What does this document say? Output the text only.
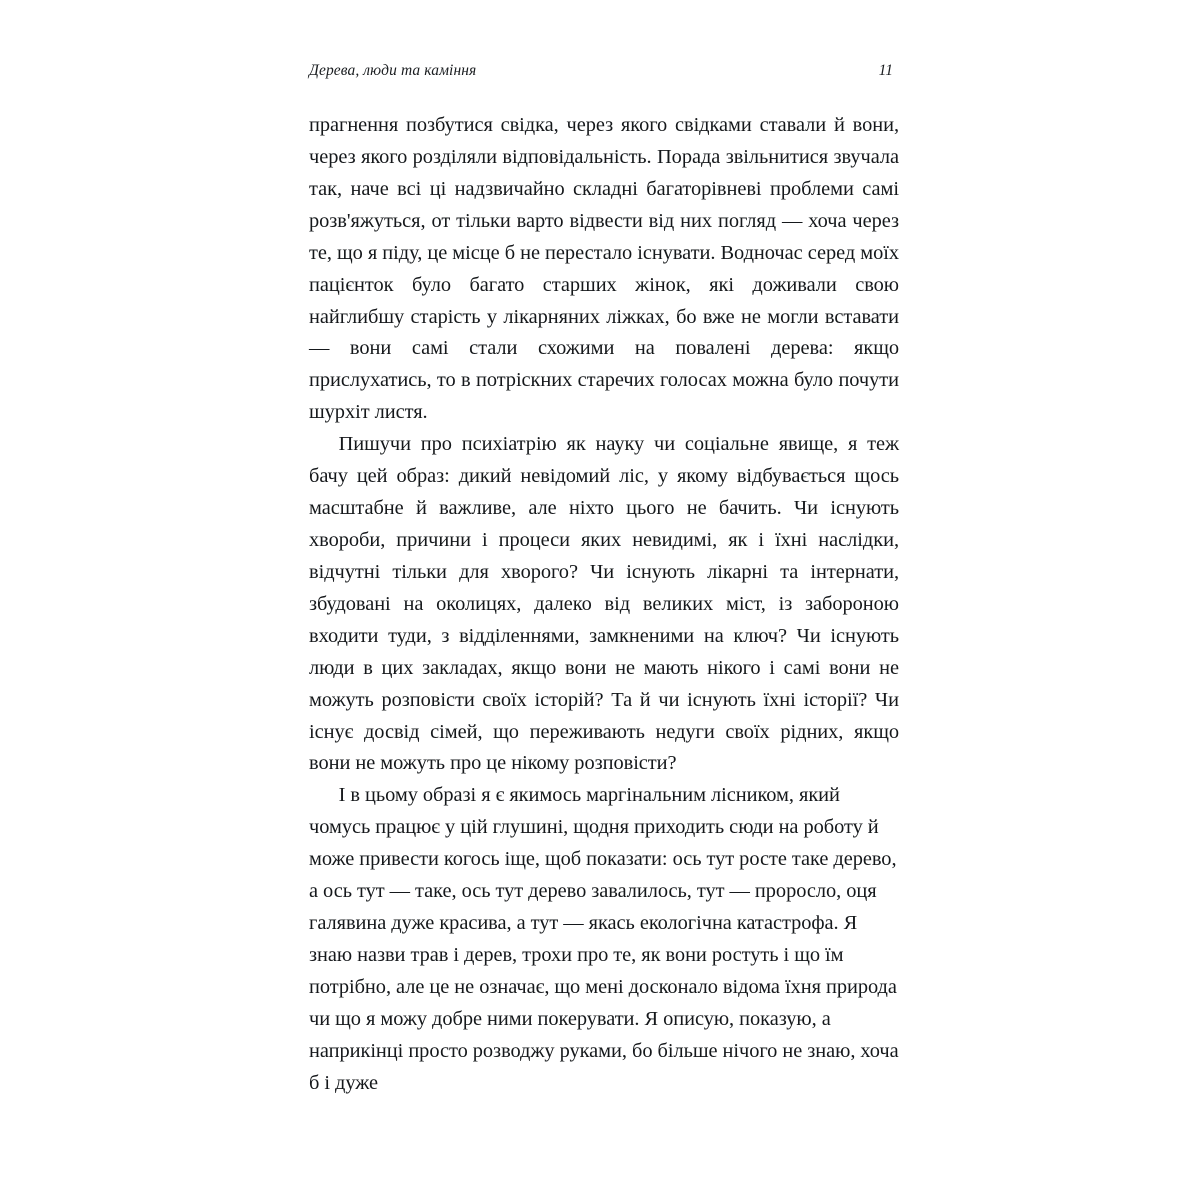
Дерева, люди та каміння	11

прагнення позбутися свідка, через якого свідками ставали й вони, через якого розділяли відповідальність. Порада звільнитися звучала так, наче всі ці надзвичайно складні багаторівневі проблеми самі розв'яжуться, от тільки варто відвести від них погляд — хоча через те, що я піду, це місце б не перестало існувати. Водночас серед моїх пацієнток було багато старших жінок, які доживали свою найглибшу старість у лікарняних ліжках, бо вже не могли вставати — вони самі стали схожими на повалені дерева: якщо прислухатись, то в потріскних старечих голосах можна було почути шурхіт листя.

Пишучи про психіатрію як науку чи соціальне явище, я теж бачу цей образ: дикий невідомий ліс, у якому відбувається щось масштабне й важливе, але ніхто цього не бачить. Чи існують хвороби, причини і процеси яких невидимі, як і їхні наслідки, відчутні тільки для хворого? Чи існують лікарні та інтернати, збудовані на околицях, далеко від великих міст, із забороною входити туди, з відділеннями, замкненими на ключ? Чи існують люди в цих закладах, якщо вони не мають нікого і самі вони не можуть розповісти своїх історій? Та й чи існують їхні історії? Чи існує досвід сімей, що переживають недуги своїх рідних, якщо вони не можуть про це нікому розповісти?

І в цьому образі я є якимось маргінальним лісником, який чомусь працює у цій глушині, щодня приходить сюди на роботу й може привести когось іще, щоб показати: ось тут росте таке дерево, а ось тут — таке, ось тут дерево завалилось, тут — проросло, оця галявина дуже красива, а тут — якась екологічна катастрофа. Я знаю назви трав і дерев, трохи про те, як вони ростуть і що їм потрібно, але це не означає, що мені досконало відома їхня природа чи що я можу добре ними покерувати. Я описую, показую, а наприкінці просто розводжу руками, бо більше нічого не знаю, хоча б і дуже
